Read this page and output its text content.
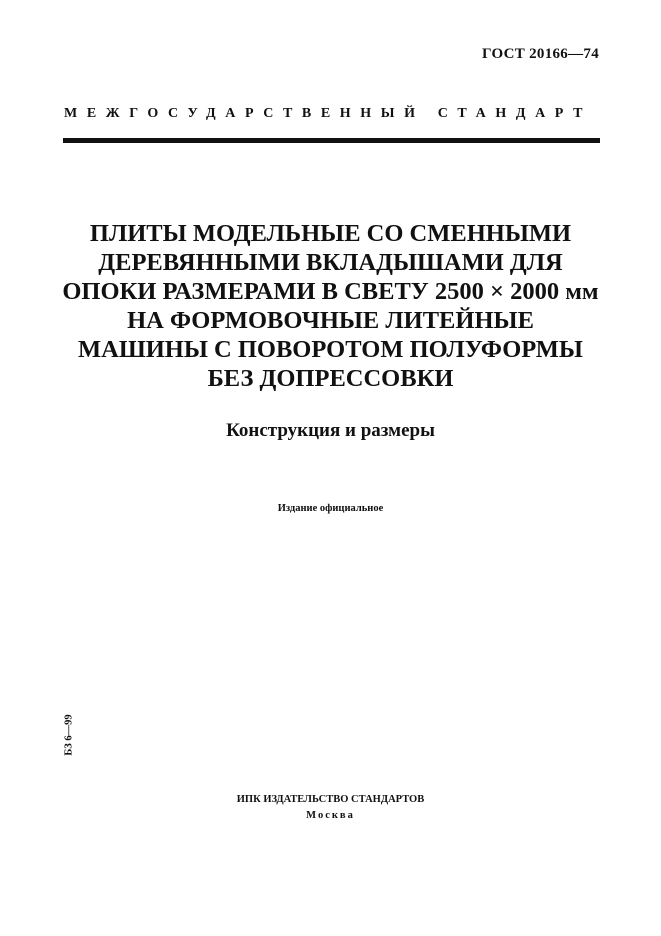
ГОСТ 20166—74
МЕЖГОСУДАРСТВЕННЫЙ СТАНДАРТ
ПЛИТЫ МОДЕЛЬНЫЕ СО СМЕННЫМИ
ДЕРЕВЯННЫМИ ВКЛАДЫШАМИ ДЛЯ
ОПОКИ РАЗМЕРАМИ В СВЕТУ 2500 × 2000 мм
НА ФОРМОВОЧНЫЕ ЛИТЕЙНЫЕ
МАШИНЫ С ПОВОРОТОМ ПОЛУФОРМЫ
БЕЗ ДОПРЕССОВКИ
Конструкция и размеры
Издание официальное
БЗ 6—99
ИПК ИЗДАТЕЛЬСТВО СТАНДАРТОВ
Москва
